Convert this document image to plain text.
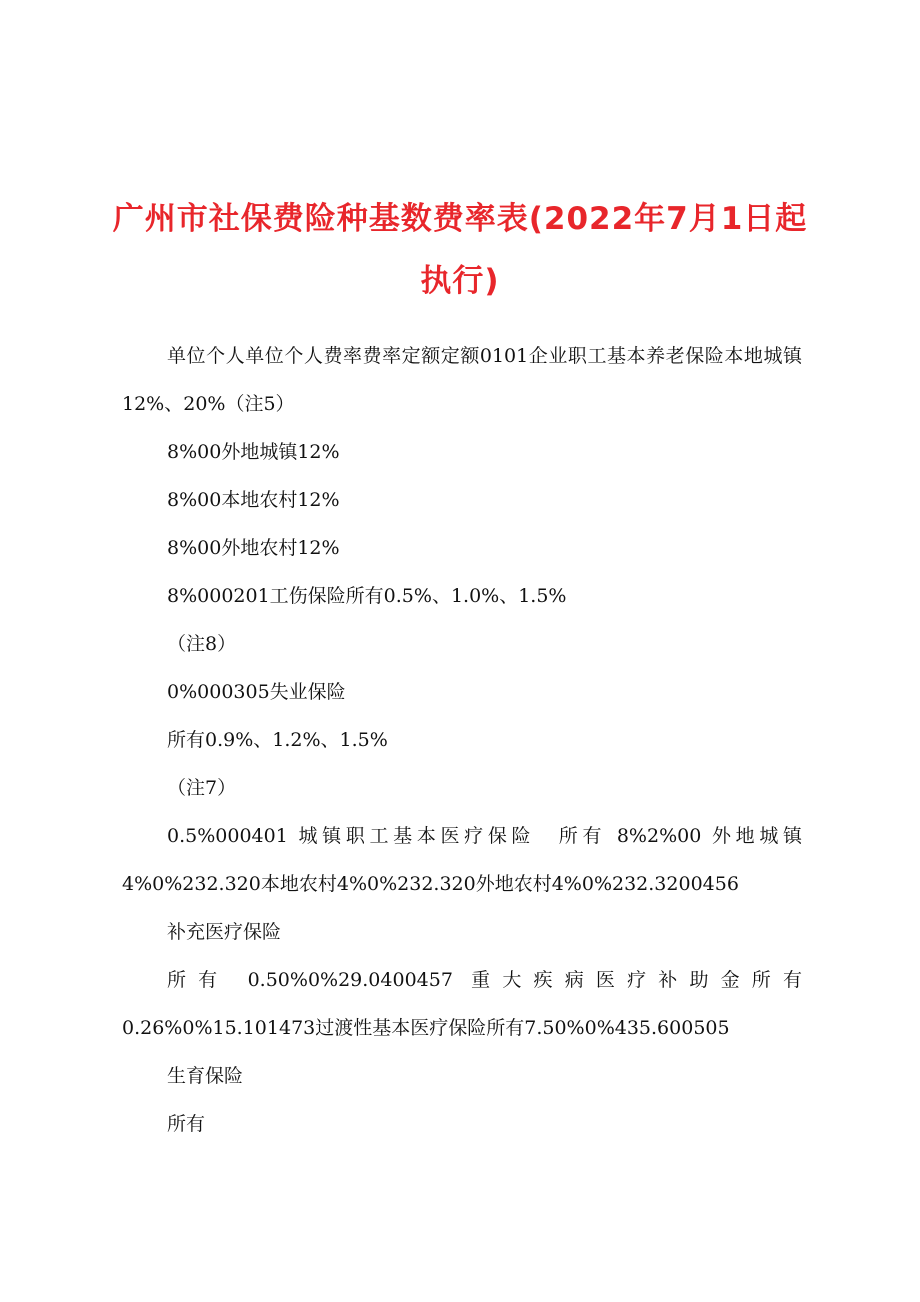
广州市社保费险种基数费率表(2022年7月1日起执行)

单位个人单位个人费率费率定额定额0101企业职工基本养老保险本地城镇12%、20%（注5）

8%00外地城镇12%

8%00本地农村12%

8%00外地农村12%

8%000201工伤保险所有0.5%、1.0%、1.5%

（注8）

0%000305失业保险

所有0.9%、1.2%、1.5%

（注7）

0.5%000401 城镇职工基本医疗保险　所有 8%2%00 外地城镇4%0%232.320本地农村4%0%232.320外地农村4%0%232.3200456

补充医疗保险

所有 0.50%0%29.0400457 重大疾病医疗补助金所有0.26%0%15.101473过渡性基本医疗保险所有7.50%0%435.600505

生育保险

所有
